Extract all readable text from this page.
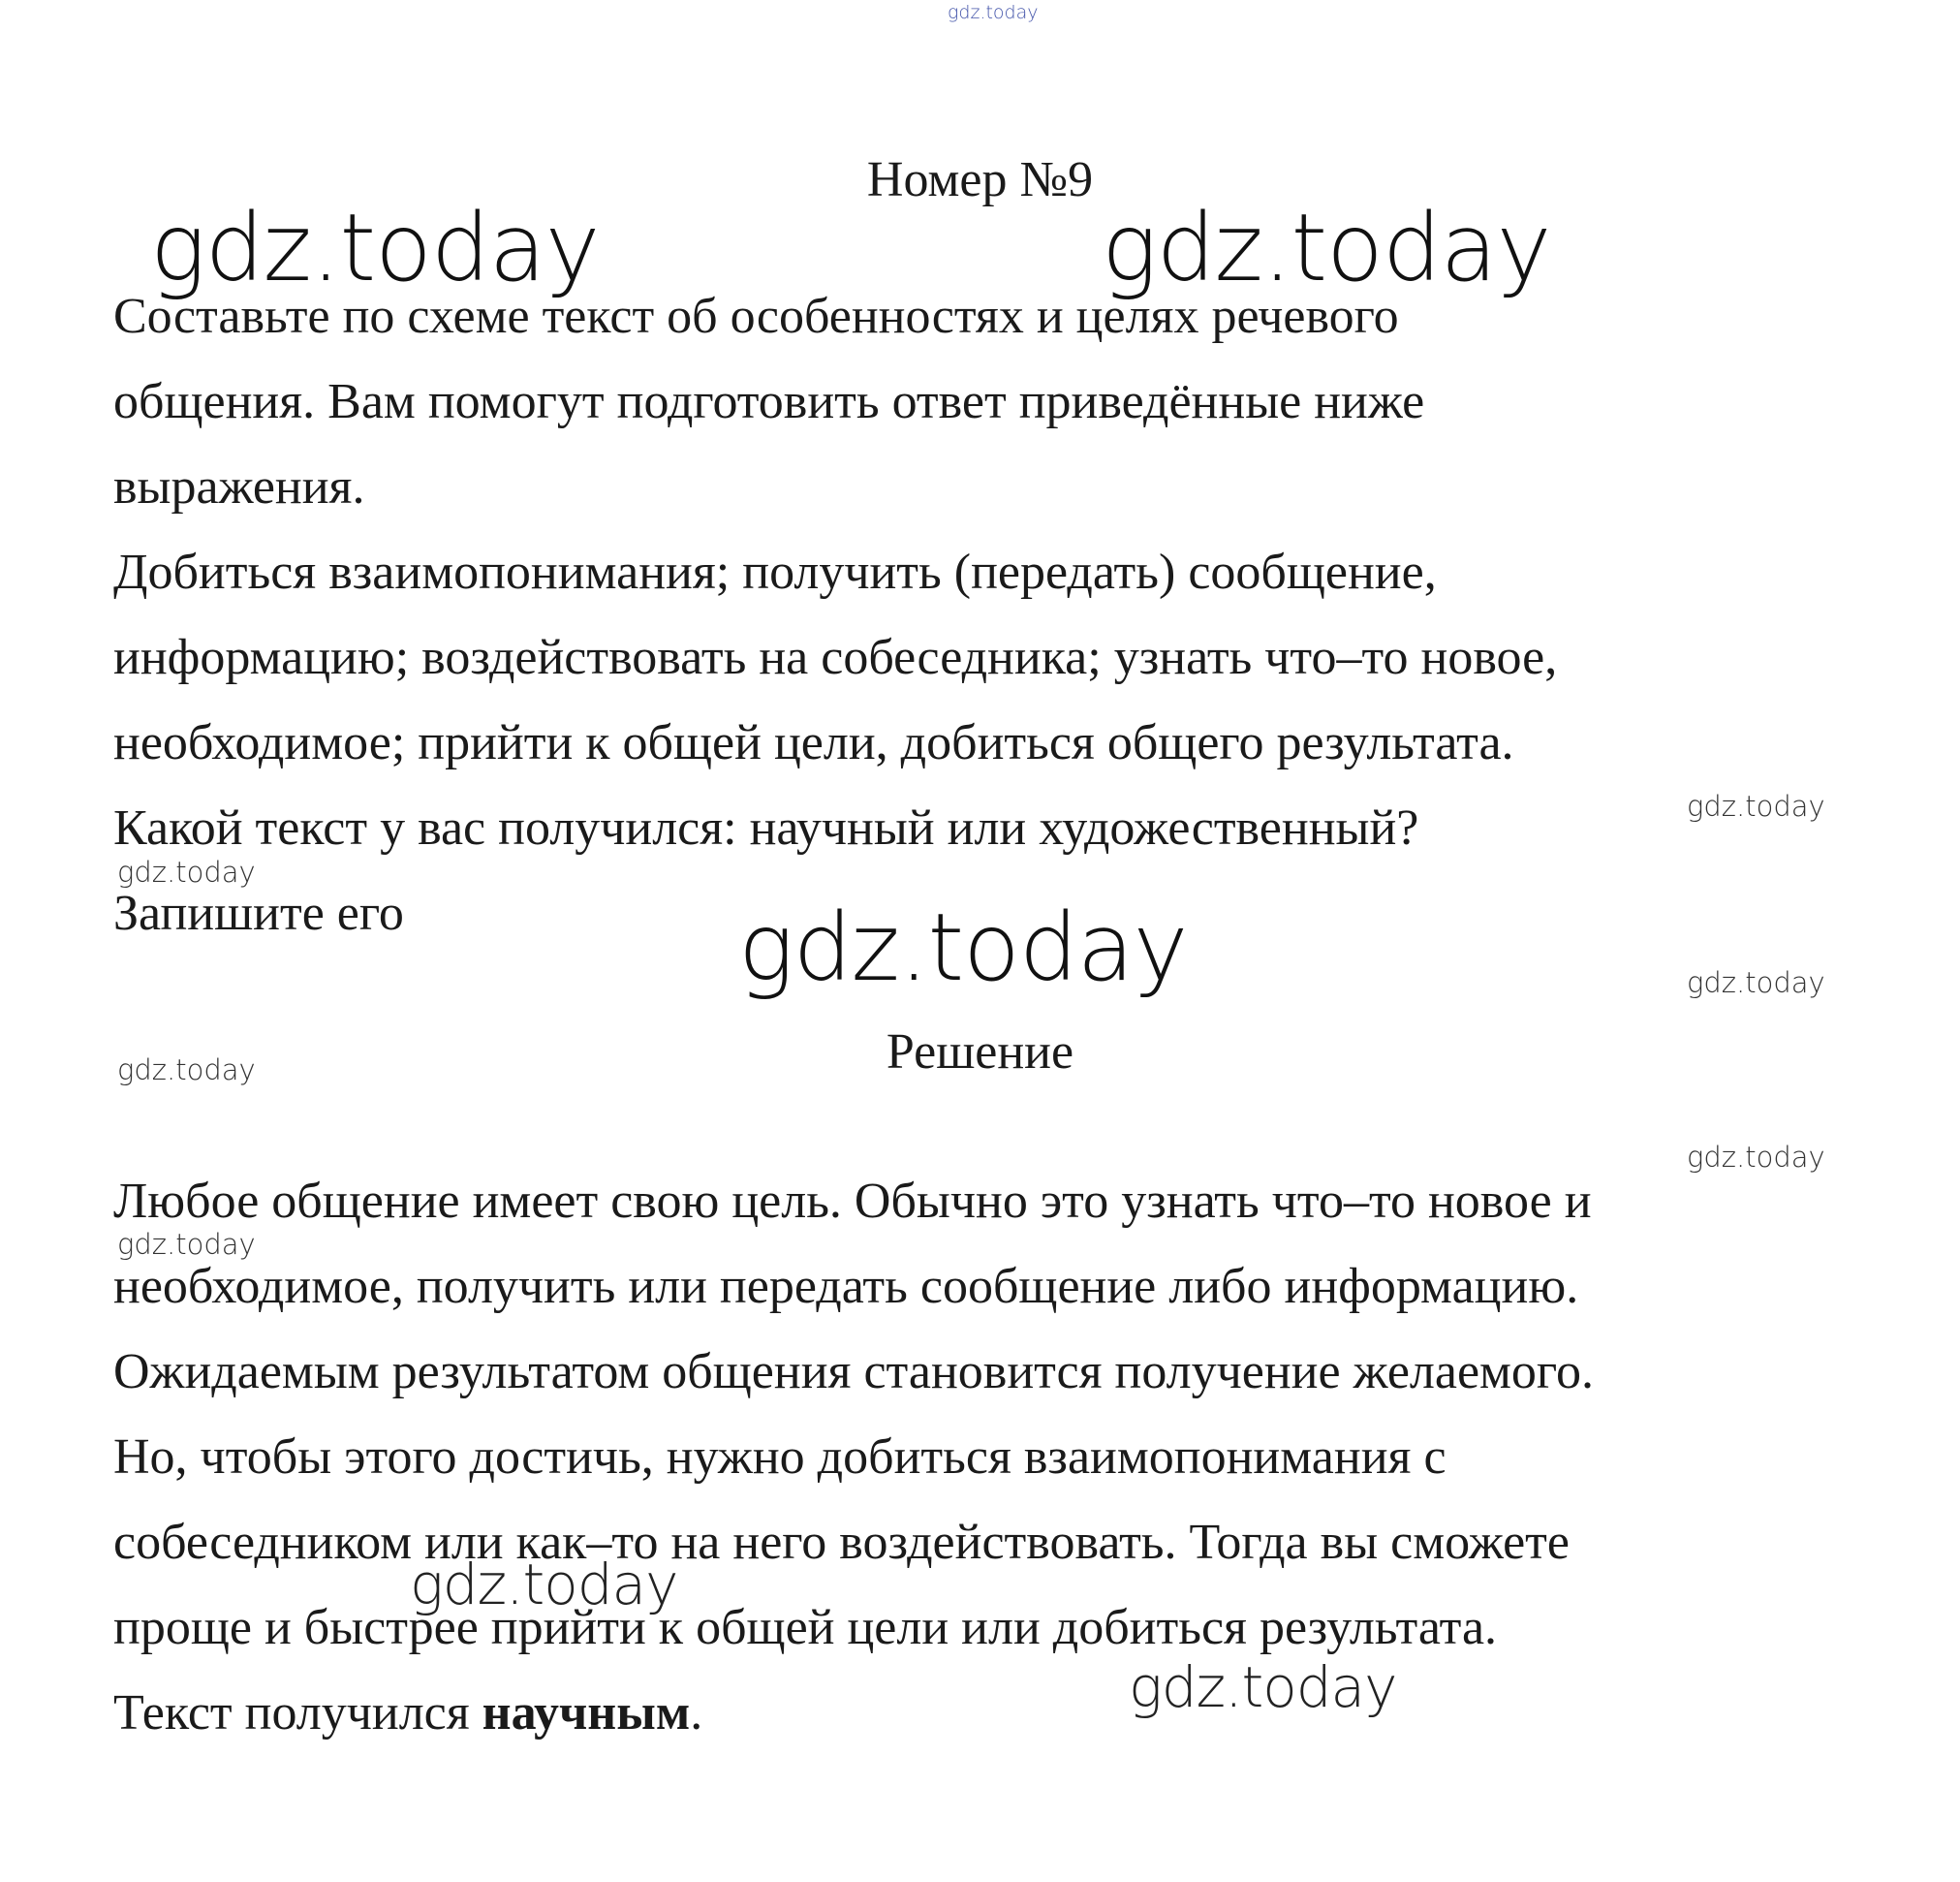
gdz.today
gdz.today	gdz.today
gdz.today
gdz.today
gdz.today	gdz.today
gdz.today
gdz.today
gdz.today
gdz.today
gdz.today
Номер №9
Составьте по схеме текст об особенностях и целях речевого
общения. Вам помогут подготовить ответ приведённые ниже
выражения.
Добиться взаимопонимания; получить (передать) сообщение,
информацию; воздействовать на собеседника; узнать что–то новое,
необходимое; прийти к общей цели, добиться общего результата.
Какой текст у вас получился: научный или художественный?
Запишите его
Решение
Любое общение имеет свою цель. Обычно это узнать что–то новое и
необходимое, получить или передать сообщение либо информацию.
Ожидаемым результатом общения становится получение желаемого.
Но, чтобы этого достичь, нужно добиться взаимопонимания с
собеседником или как–то на него воздействовать. Тогда вы сможете
проще и быстрее прийти к общей цели или добиться результата.
Текст получился научным.
